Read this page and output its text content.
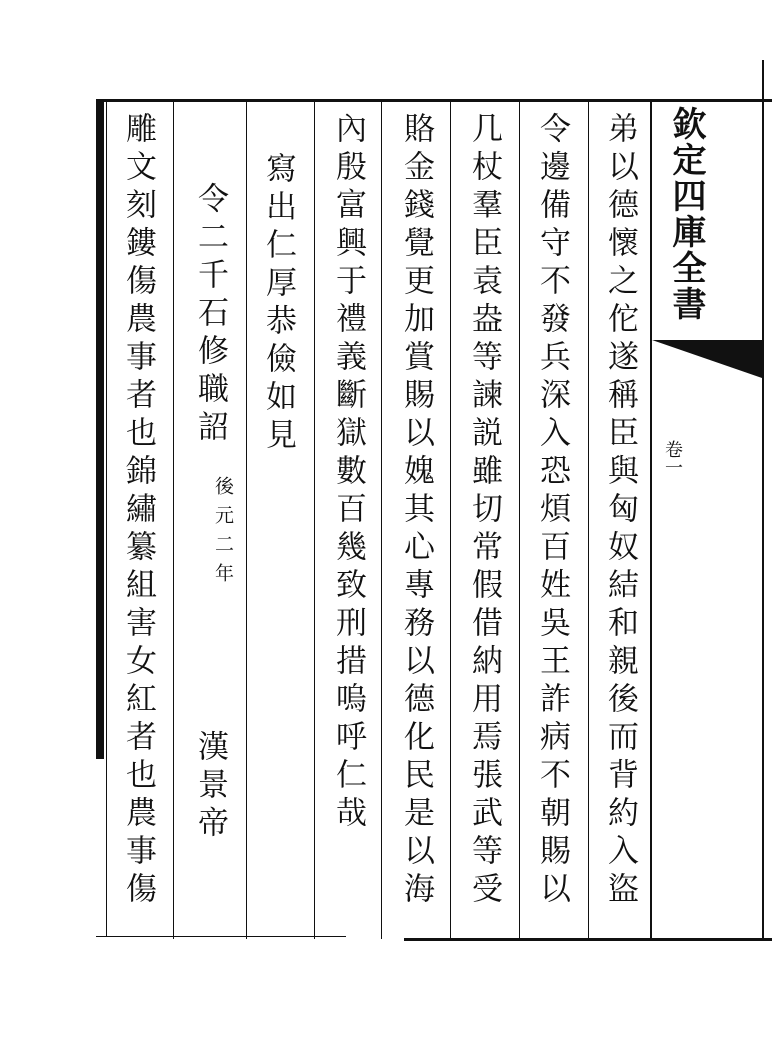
欽定四庫全書
卷一
弟以德懷之佗遂稱臣與匈奴結和親後而背約入盜
令邊備守不發兵深入恐煩百姓吳王詐病不朝賜以
几杖羣臣袁盎等諫説雖切常假借納用焉張武等受
賂金錢覺更加賞賜以媿其心專務以德化民是以海
內殷富興于禮義斷獄數百幾致刑措嗚呼仁哉
寫出仁厚恭儉如見
令二千石修職詔
後元二年
漢景帝
雕文刻鏤傷農事者也錦繡纂組害女紅者也農事傷
